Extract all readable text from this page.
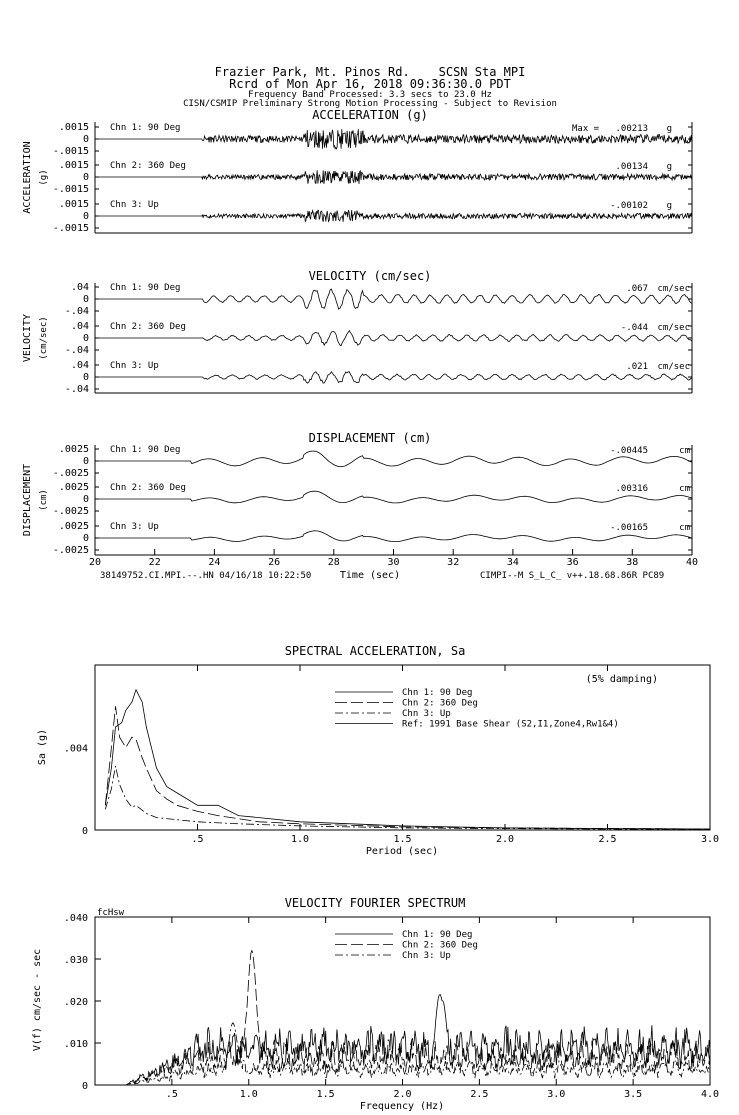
Frazier Park, Mt. Pinos Rd.    SCSN Sta MPI
Rcrd of Mon Apr 16, 2018 09:36:30.0 PDT
Frequency Band Processed: 3.3 secs to 23.0 Hz
CISN/CSMIP Preliminary Strong Motion Processing - Subject to Revision
ACCELERATION (g)
ACCELERATION (g)
.0015
0
-.0015
Chn 1: 90 Deg	Max = .00213 g
.0015
0
-.0015
Chn 2: 360 Deg	.00134 g
.0015
0
-.0015
Chn 3: Up	-.00102 g
VELOCITY (cm/sec)
VELOCITY (cm/sec)
.04
0
-.04
Chn 1: 90 Deg	.067 cm/sec
.04
0
-.04
Chn 2: 360 Deg	-.044 cm/sec
.04
0
-.04
Chn 3: Up	.021 cm/sec
DISPLACEMENT (cm)
DISPLACEMENT (cm)
.0025
0
-.0025
Chn 1: 90 Deg	-.00445	cm
.0025
0
-.0025
Chn 2: 360 Deg	.00316	cm
.0025
0
-.0025
Chn 3: Up	-.00165	cm
20	22	24	26	28	30	32	34	36	38	40
Time (sec)
38149752.CI.MPI.--.HN 04/16/18 10:22:50	CIMPI--M S_L_C_ v++.18.68.86R PC89
SPECTRAL ACCELERATION, Sa
Sa (g)
Period (sec)
(5% damping)
0
.004
.5	1.0	1.5	2.0	2.5	3.0
Chn 1: 90 Deg
Chn 2: 360 Deg
Chn 3: Up
Ref: 1991 Base Shear (S2,I1,Zone4,Rw1&4)
VELOCITY FOURIER SPECTRUM
fcHsw
V(f) cm/sec - sec
Frequency (Hz)
0
.010
.020
.030
.040
.5	1.0	1.5	2.0	2.5	3.0	3.5	4.0
Chn 1: 90 Deg
Chn 2: 360 Deg
Chn 3: Up
